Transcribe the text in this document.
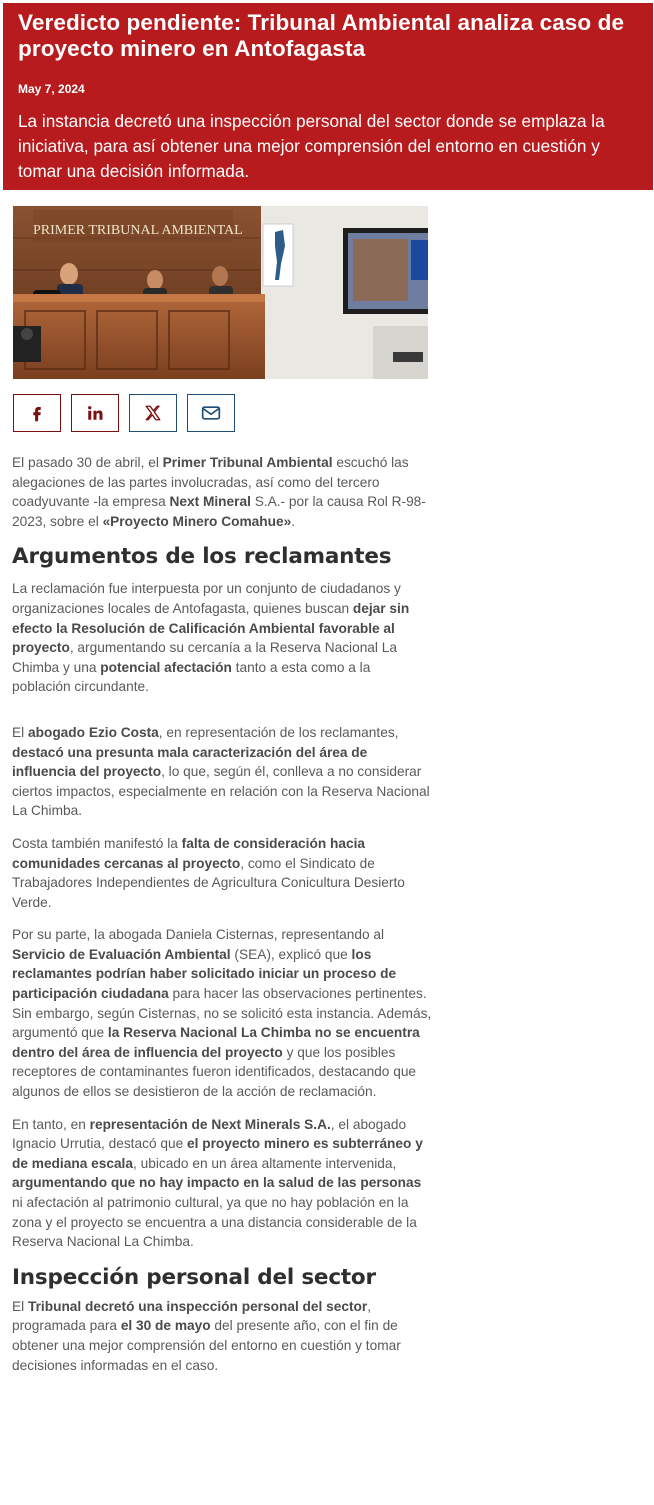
Veredicto pendiente: Tribunal Ambiental analiza caso de proyecto minero en Antofagasta
May 7, 2024
La instancia decretó una inspección personal del sector donde se emplaza la iniciativa, para así obtener una mejor comprensión del entorno en cuestión y tomar una decisión informada.
PRIMER TRIBUNAL AMBIENTAL

El pasado 30 de abril, el Primer Tribunal Ambiental escuchó las alegaciones de las partes involucradas, así como del tercero coadyuvante -la empresa Next Mineral S.A.- por la causa Rol R-98-2023, sobre el «Proyecto Minero Comahue».

Argumentos de los reclamantes

La reclamación fue interpuesta por un conjunto de ciudadanos y organizaciones locales de Antofagasta, quienes buscan dejar sin efecto la Resolución de Calificación Ambiental favorable al proyecto, argumentando su cercanía a la Reserva Nacional La Chimba y una potencial afectación tanto a esta como a la población circundante.

El abogado Ezio Costa, en representación de los reclamantes, destacó una presunta mala caracterización del área de influencia del proyecto, lo que, según él, conlleva a no considerar ciertos impactos, especialmente en relación con la Reserva Nacional La Chimba.

Costa también manifestó la falta de consideración hacia comunidades cercanas al proyecto, como el Sindicato de Trabajadores Independientes de Agricultura Conicultura Desierto Verde.

Por su parte, la abogada Daniela Cisternas, representando al Servicio de Evaluación Ambiental (SEA), explicó que los reclamantes podrían haber solicitado iniciar un proceso de participación ciudadana para hacer las observaciones pertinentes. Sin embargo, según Cisternas, no se solicitó esta instancia. Además, argumentó que la Reserva Nacional La Chimba no se encuentra dentro del área de influencia del proyecto y que los posibles receptores de contaminantes fueron identificados, destacando que algunos de ellos se desistieron de la acción de reclamación.

En tanto, en representación de Next Minerals S.A., el abogado Ignacio Urrutia, destacó que el proyecto minero es subterráneo y de mediana escala, ubicado en un área altamente intervenida, argumentando que no hay impacto en la salud de las personas ni afectación al patrimonio cultural, ya que no hay población en la zona y el proyecto se encuentra a una distancia considerable de la Reserva Nacional La Chimba.

Inspección personal del sector

El Tribunal decretó una inspección personal del sector, programada para el 30 de mayo del presente año, con el fin de obtener una mejor comprensión del entorno en cuestión y tomar decisiones informadas en el caso.
